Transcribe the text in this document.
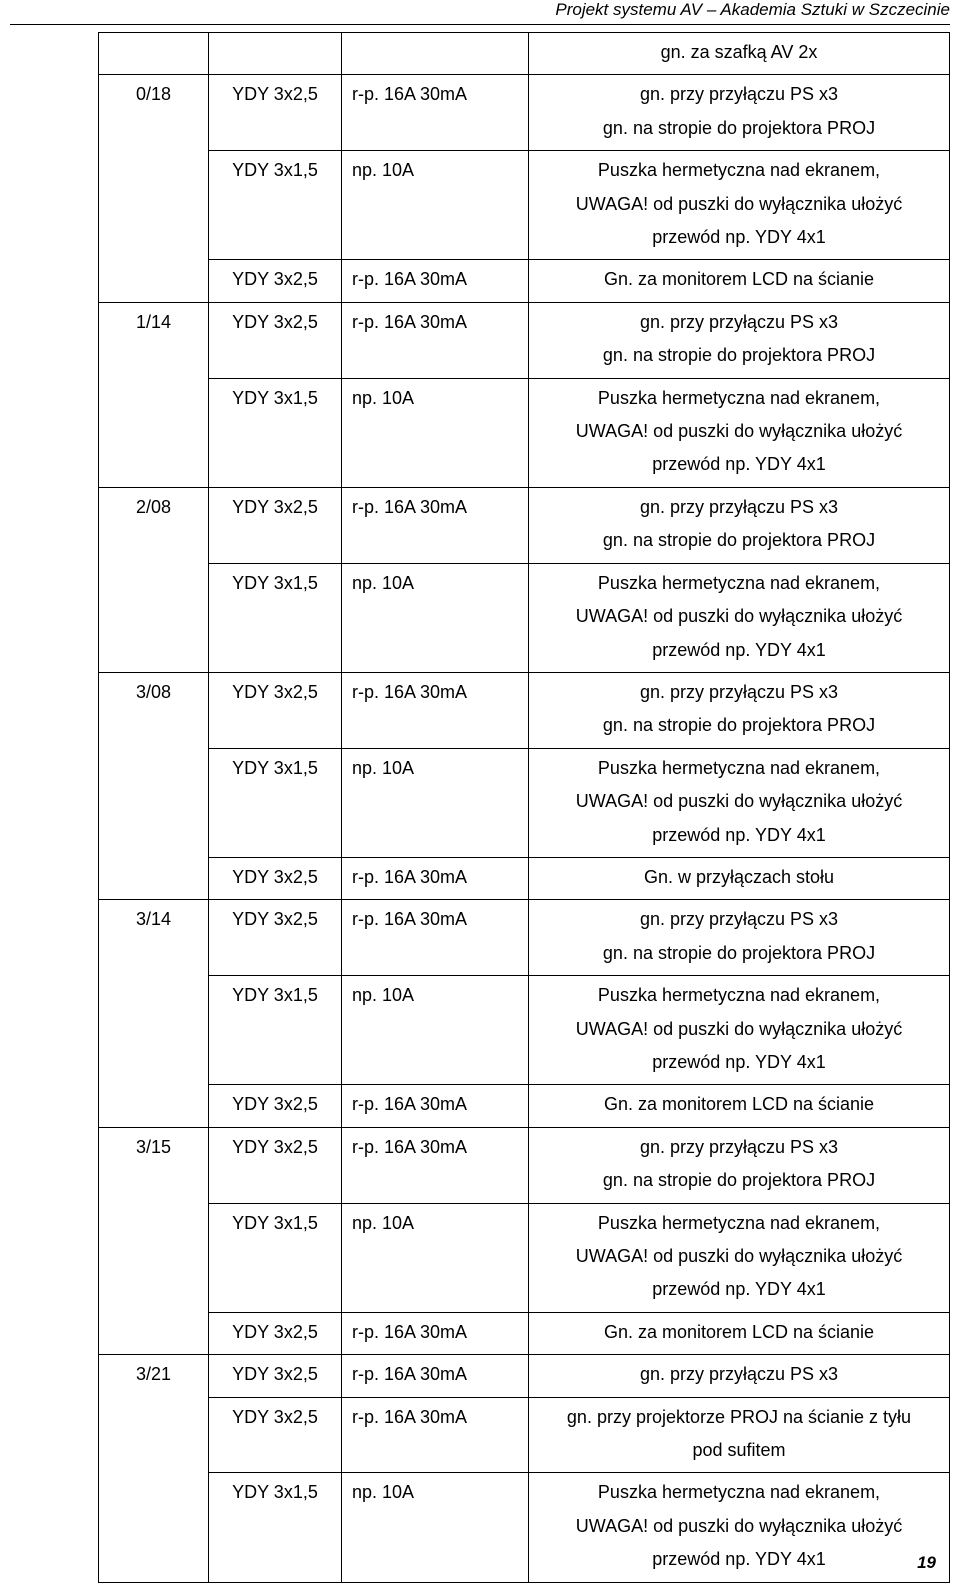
Projekt systemu AV – Akademia Sztuki w Szczecinie

			gn. za szafką AV 2x

0/18	YDY 3x2,5	r-p. 16A 30mA	gn. przy przyłączu PS x3
gn. na stropie do projektora PROJ

	YDY 3x1,5	np. 10A	Puszka hermetyczna nad ekranem,
UWAGA! od puszki do wyłącznika ułożyć
przewód np. YDY 4x1

	YDY 3x2,5	r-p. 16A 30mA	Gn. za monitorem LCD na ścianie

1/14	YDY 3x2,5	r-p. 16A 30mA	gn. przy przyłączu PS x3
gn. na stropie do projektora PROJ

	YDY 3x1,5	np. 10A	Puszka hermetyczna nad ekranem,
UWAGA! od puszki do wyłącznika ułożyć
przewód np. YDY 4x1

2/08	YDY 3x2,5	r-p. 16A 30mA	gn. przy przyłączu PS x3
gn. na stropie do projektora PROJ

	YDY 3x1,5	np. 10A	Puszka hermetyczna nad ekranem,
UWAGA! od puszki do wyłącznika ułożyć
przewód np. YDY 4x1

3/08	YDY 3x2,5	r-p. 16A 30mA	gn. przy przyłączu PS x3
gn. na stropie do projektora PROJ

	YDY 3x1,5	np. 10A	Puszka hermetyczna nad ekranem,
UWAGA! od puszki do wyłącznika ułożyć
przewód np. YDY 4x1

	YDY 3x2,5	r-p. 16A 30mA	Gn. w przyłączach stołu

3/14	YDY 3x2,5	r-p. 16A 30mA	gn. przy przyłączu PS x3
gn. na stropie do projektora PROJ

	YDY 3x1,5	np. 10A	Puszka hermetyczna nad ekranem,
UWAGA! od puszki do wyłącznika ułożyć
przewód np. YDY 4x1

	YDY 3x2,5	r-p. 16A 30mA	Gn. za monitorem LCD na ścianie

3/15	YDY 3x2,5	r-p. 16A 30mA	gn. przy przyłączu PS x3
gn. na stropie do projektora PROJ

	YDY 3x1,5	np. 10A	Puszka hermetyczna nad ekranem,
UWAGA! od puszki do wyłącznika ułożyć
przewód np. YDY 4x1

	YDY 3x2,5	r-p. 16A 30mA	Gn. za monitorem LCD na ścianie

3/21	YDY 3x2,5	r-p. 16A 30mA	gn. przy przyłączu PS x3

	YDY 3x2,5	r-p. 16A 30mA	gn. przy projektorze PROJ na ścianie z tyłu
pod sufitem

	YDY 3x1,5	np. 10A	Puszka hermetyczna nad ekranem,
UWAGA! od puszki do wyłącznika ułożyć
przewód np. YDY 4x1	19
